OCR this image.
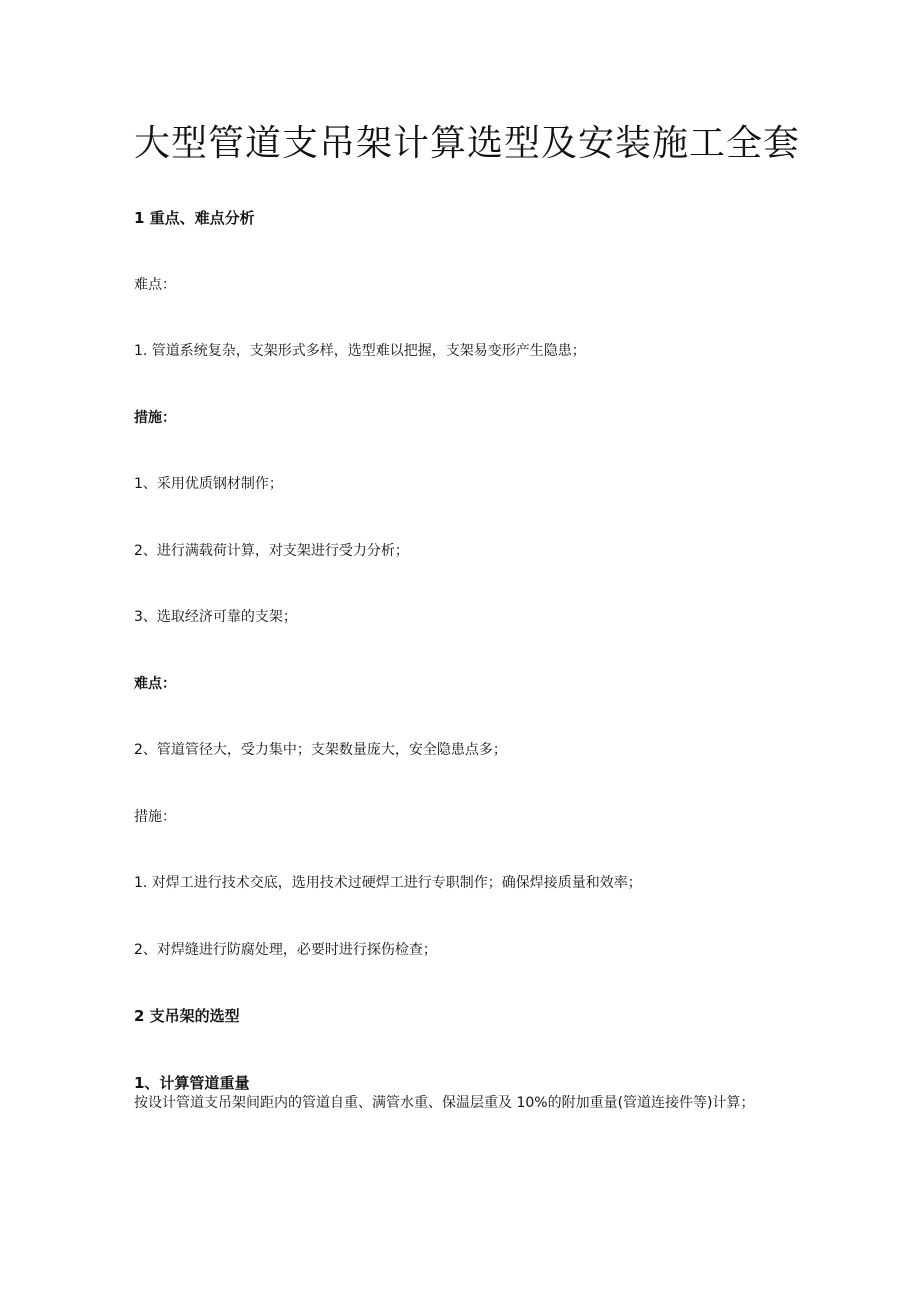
大型管道支吊架计算选型及安装施工全套
1 重点、难点分析
难点：
1. 管道系统复杂，支架形式多样，选型难以把握，支架易变形产生隐患；
措施：
1、采用优质钢材制作；
2、进行满载荷计算，对支架进行受力分析；
3、选取经济可靠的支架；
难点：
2、管道管径大，受力集中；支架数量庞大，安全隐患点多；
措施：
1. 对焊工进行技术交底，选用技术过硬焊工进行专职制作；确保焊接质量和效率；
2、对焊缝进行防腐处理，必要时进行探伤检查；
2 支吊架的选型
1、计算管道重量
按设计管道支吊架间距内的管道自重、满管水重、保温层重及 10%的附加重量(管道连接件等)计算；
